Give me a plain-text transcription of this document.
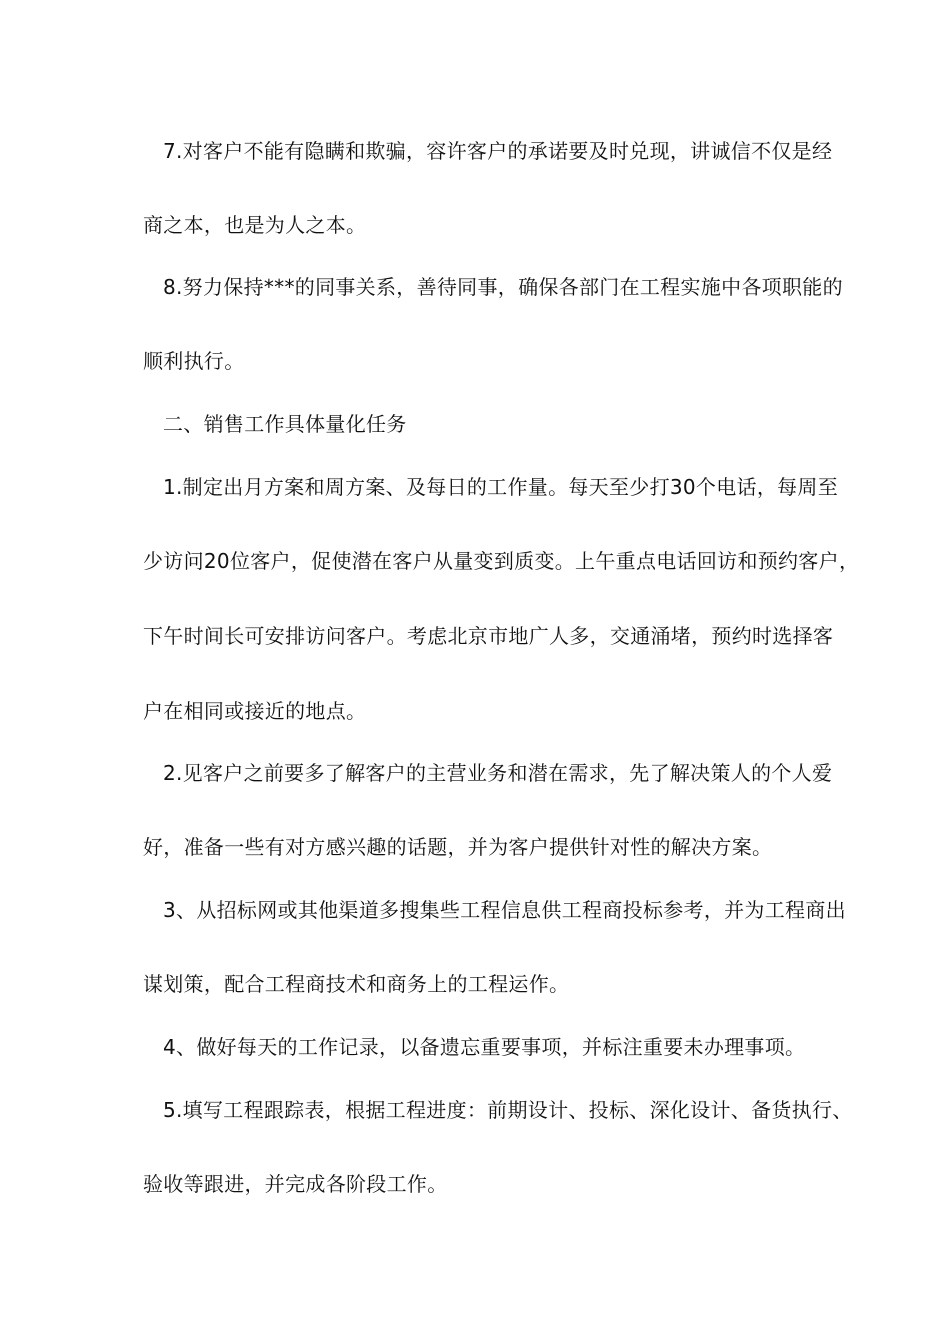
7.对客户不能有隐瞒和欺骗，容许客户的承诺要及时兑现，讲诚信不仅是经
商之本，也是为人之本。
8.努力保持***的同事关系，善待同事，确保各部门在工程实施中各项职能的
顺利执行。
二、销售工作具体量化任务
1.制定出月方案和周方案、及每日的工作量。每天至少打30个电话，每周至
少访问20位客户，促使潜在客户从量变到质变。上午重点电话回访和预约客户，
下午时间长可安排访问客户。考虑北京市地广人多，交通涌堵，预约时选择客
户在相同或接近的地点。
2.见客户之前要多了解客户的主营业务和潜在需求，先了解决策人的个人爱
好，准备一些有对方感兴趣的话题，并为客户提供针对性的解决方案。
3、从招标网或其他渠道多搜集些工程信息供工程商投标参考，并为工程商出
谋划策，配合工程商技术和商务上的工程运作。
4、做好每天的工作记录，以备遗忘重要事项，并标注重要未办理事项。
5.填写工程跟踪表，根据工程进度：前期设计、投标、深化设计、备货执行、
验收等跟进，并完成各阶段工作。
